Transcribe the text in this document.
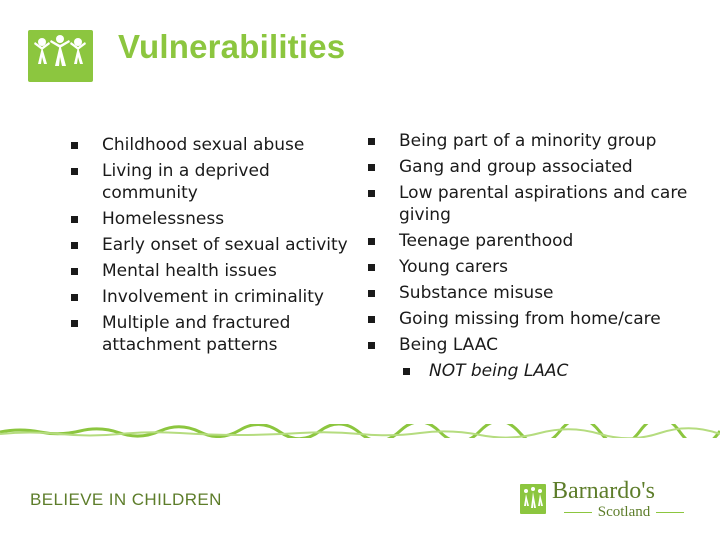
Vulnerabilities
Childhood sexual abuse
Living in a deprived community
Homelessness
Early onset of sexual activity
Mental health issues
Involvement in criminality
Multiple and fractured attachment patterns
Being part of a minority group
Gang and group associated
Low parental aspirations and care giving
Teenage parenthood
Young carers
Substance misuse
Going missing from home/care
Being LAAC
NOT being LAAC
BELIEVE IN CHILDREN	Barnardo's
Scotland
